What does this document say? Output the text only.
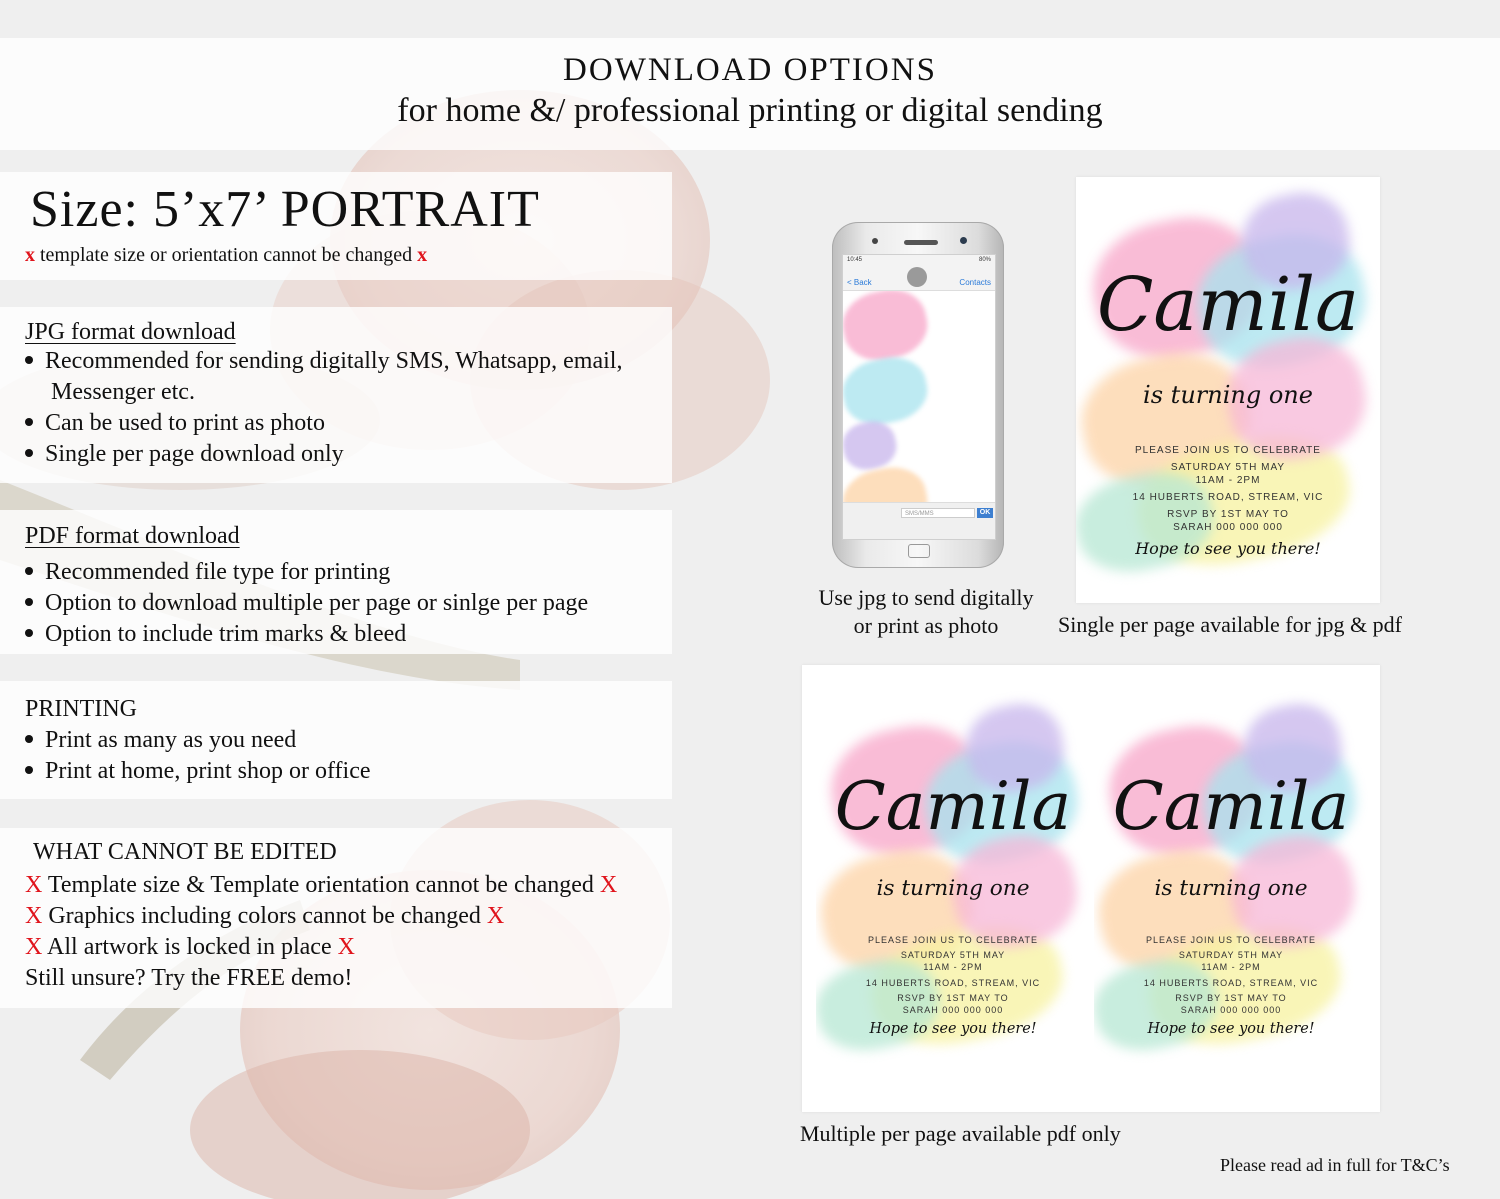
DOWNLOAD OPTIONS
for home &/ professional printing or digital sending
Size: 5’x7’ PORTRAIT
x template size or orientation cannot be changed x
JPG format download
Recommended for sending digitally SMS, Whatsapp, email,
Messenger etc.
Can be used to print as photo
Single per page download only
PDF format download
Recommended file type for printing
Option to download multiple per page or sinlge per page
Option to include trim marks & bleed
PRINTING
Print as many as you need
Print at home, print shop or office
WHAT CANNOT BE EDITED
X Template size & Template orientation cannot be changed X
X Graphics including colors cannot be changed X
X All artwork is locked in place X
Still unsure? Try the FREE demo!
10:45	80%
< Back	Contacts
SMS/MMS	OK
Use jpg to send digitally
or print as photo
Camila
is turning one
PLEASE JOIN US TO CELEBRATE
SATURDAY 5TH MAY
11AM - 2PM
14 HUBERTS ROAD, STREAM, VIC
RSVP BY 1ST MAY TO
SARAH 000 000 000
Hope to see you there!
Single per page available for jpg & pdf
Camila
is turning one
PLEASE JOIN US TO CELEBRATE
SATURDAY 5TH MAY
11AM - 2PM
14 HUBERTS ROAD, STREAM, VIC
RSVP BY 1ST MAY TO
SARAH 000 000 000
Hope to see you there!
Camila
is turning one
PLEASE JOIN US TO CELEBRATE
SATURDAY 5TH MAY
11AM - 2PM
14 HUBERTS ROAD, STREAM, VIC
RSVP BY 1ST MAY TO
SARAH 000 000 000
Hope to see you there!
Multiple per page available pdf only
Please read ad in full for T&C’s
